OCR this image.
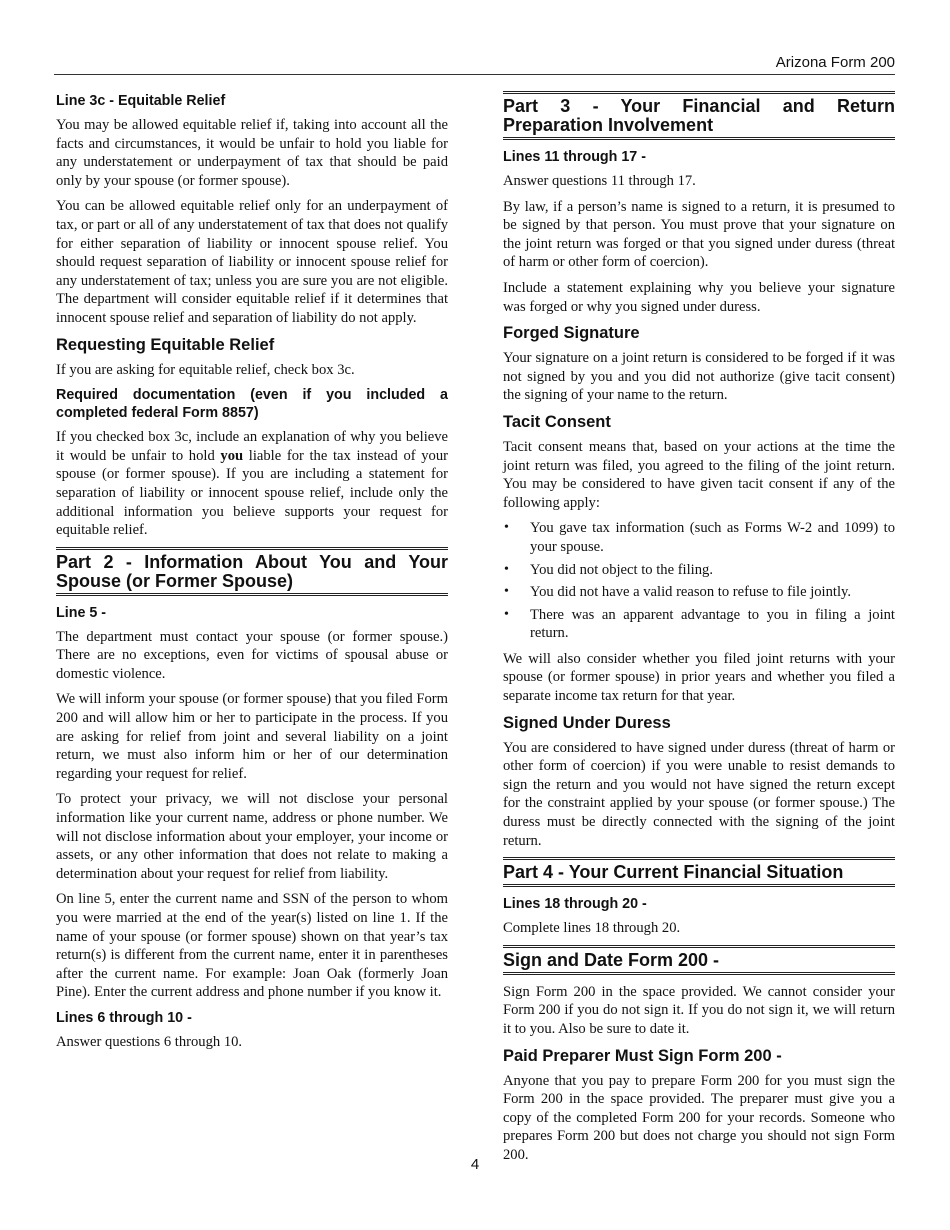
Arizona Form 200
Line 3c - Equitable Relief

You may be allowed equitable relief if, taking into account all the facts and circumstances, it would be unfair to hold you liable for any understatement or underpayment of tax that should be paid only by your spouse (or former spouse).

You can be allowed equitable relief only for an underpayment of tax, or part or all of any understatement of tax that does not qualify for either separation of liability or innocent spouse relief. You should request separation of liability or innocent spouse relief for any understatement of tax; unless you are sure you are not eligible. The department will consider equitable relief if it determines that innocent spouse relief and separation of liability do not apply.

Requesting Equitable Relief

If you are asking for equitable relief, check box 3c.

Required documentation (even if you included a completed federal Form 8857)

If you checked box 3c, include an explanation of why you believe it would be unfair to hold you liable for the tax instead of your spouse (or former spouse). If you are including a statement for separation of liability or innocent spouse relief, include only the additional information you believe supports your request for equitable relief.

Part 2 - Information About You and Your Spouse (or Former Spouse)
Line 5 -

The department must contact your spouse (or former spouse.) There are no exceptions, even for victims of spousal abuse or domestic violence.

We will inform your spouse (or former spouse) that you filed Form 200 and will allow him or her to participate in the process. If you are asking for relief from joint and several liability on a joint return, we must also inform him or her of our determination regarding your request for relief.

To protect your privacy, we will not disclose your personal information like your current name, address or phone number. We will not disclose information about your employer, your income or assets, or any other information that does not relate to making a determination about your request for relief from liability.

On line 5, enter the current name and SSN of the person to whom you were married at the end of the year(s) listed on line 1. If the name of your spouse (or former spouse) shown on that year’s tax return(s) is different from the current name, enter it in parentheses after the current name. For example: Joan Oak (formerly Joan Pine). Enter the current address and phone number if you know it.

Lines 6 through 10 -

Answer questions 6 through 10.

Part 3 - Your Financial and Return Preparation Involvement
Lines 11 through 17 -

Answer questions 11 through 17.

By law, if a person’s name is signed to a return, it is presumed to be signed by that person. You must prove that your signature on the joint return was forged or that you signed under duress (threat of harm or other form of coercion).

Include a statement explaining why you believe your signature was forged or why you signed under duress.

Forged Signature

Your signature on a joint return is considered to be forged if it was not signed by you and you did not authorize (give tacit consent) the signing of your name to the return.

Tacit Consent

Tacit consent means that, based on your actions at the time the joint return was filed, you agreed to the filing of the joint return. You may be considered to have given tacit consent if any of the following apply:

• You gave tax information (such as Forms W-2 and 1099) to your spouse.
• You did not object to the filing.
• You did not have a valid reason to refuse to file jointly.
• There was an apparent advantage to you in filing a joint return.

We will also consider whether you filed joint returns with your spouse (or former spouse) in prior years and whether you filed a separate income tax return for that year.

Signed Under Duress

You are considered to have signed under duress (threat of harm or other form of coercion) if you were unable to resist demands to sign the return and you would not have signed the return except for the constraint applied by your spouse (or former spouse.) The duress must be directly connected with the signing of the joint return.

Part 4 - Your Current Financial Situation
Lines 18 through 20 -

Complete lines 18 through 20.

Sign and Date Form 200 -

Sign Form 200 in the space provided. We cannot consider your Form 200 if you do not sign it. If you do not sign it, we will return it to you. Also be sure to date it.

Paid Preparer Must Sign Form 200 -

Anyone that you pay to prepare Form 200 for you must sign the Form 200 in the space provided. The preparer must give you a copy of the completed Form 200 for your records. Someone who prepares Form 200 but does not charge you should not sign Form 200.

4
